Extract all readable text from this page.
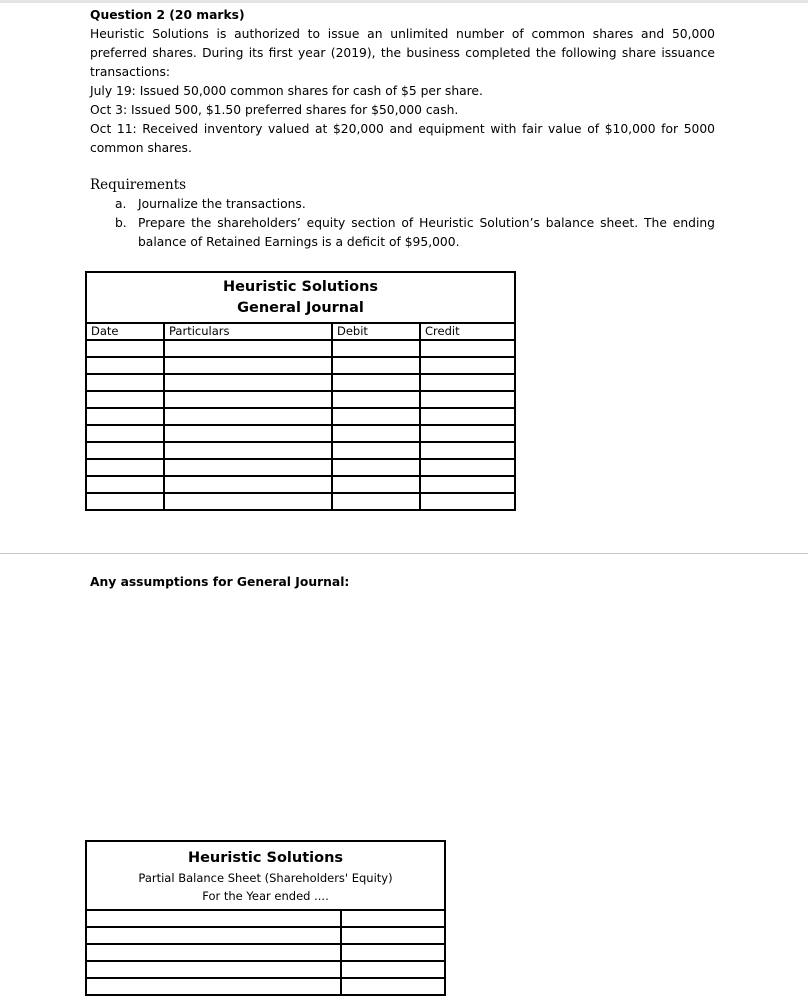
Question 2 (20 marks)
Heuristic Solutions is authorized to issue an unlimited number of common shares and 50,000 preferred shares. During its first year (2019), the business completed the following share issuance transactions:
July 19: Issued 50,000 common shares for cash of $5 per share.
Oct 3: Issued 500, $1.50 preferred shares for $50,000 cash.
Oct 11: Received inventory valued at $20,000 and equipment with fair value of $10,000 for 5000 common shares.
Requirements
a. Journalize the transactions.
b. Prepare the shareholders’ equity section of Heuristic Solution’s balance sheet. The ending balance of Retained Earnings is a deficit of $95,000.
Heuristic Solutions
General Journal			

Date	Particulars	Debit	Credit

Any assumptions for General Journal:
Heuristic Solutions
Partial Balance Sheet (Shareholders' Equity)
For the Year ended ....	
